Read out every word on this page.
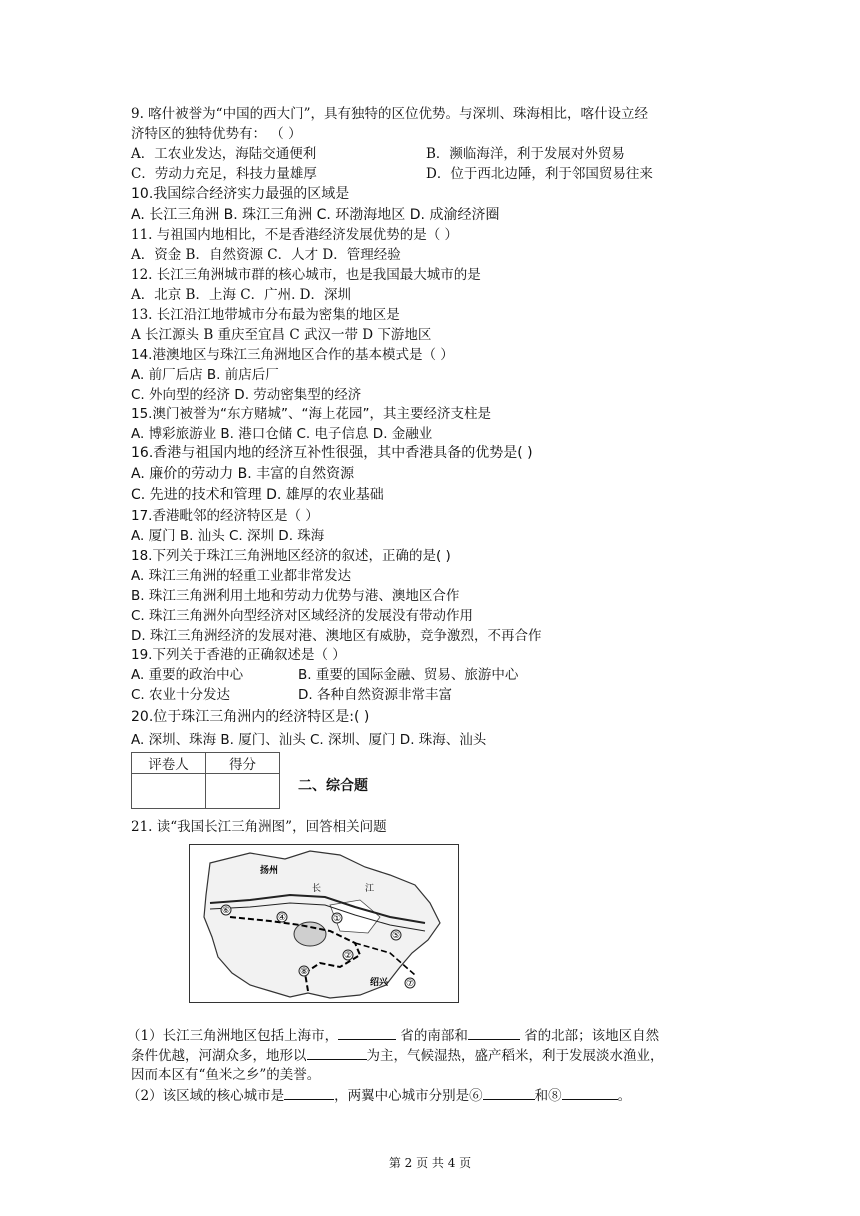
9. 喀什被誉为“中国的西大门”，具有独特的区位优势。与深圳、珠海相比，喀什设立经
济特区的独特优势有： （ ）
A．工农业发达，海陆交通便利	B．濒临海洋，利于发展对外贸易
C．劳动力充足，科技力量雄厚	D．位于西北边陲，利于邻国贸易往来
10.我国综合经济实力最强的区域是
A. 长江三角洲 B. 珠江三角洲 C. 环渤海地区 D. 成渝经济圈
11. 与祖国内地相比，不是香港经济发展优势的是（ ）
A．资金 B．自然资源 C．人才 D．管理经验
12. 长江三角洲城市群的核心城市，也是我国最大城市的是
A．北京 B．上海 C．广州. D．深圳
13. 长江沿江地带城市分布最为密集的地区是
A 长江源头 B 重庆至宜昌 C 武汉一带 D 下游地区
14.港澳地区与珠江三角洲地区合作的基本模式是（ ）
A. 前厂后店 B. 前店后厂
C. 外向型的经济 D. 劳动密集型的经济
15.澳门被誉为“东方赌城”、“海上花园”，其主要经济支柱是
A. 博彩旅游业 B. 港口仓储 C. 电子信息 D. 金融业
16.香港与祖国内地的经济互补性很强，其中香港具备的优势是( )
A. 廉价的劳动力 B. 丰富的自然资源
C. 先进的技术和管理 D. 雄厚的农业基础
17.香港毗邻的经济特区是（ ）
A. 厦门 B. 汕头 C. 深圳 D. 珠海
18.下列关于珠江三角洲地区经济的叙述，正确的是( )
A. 珠江三角洲的轻重工业都非常发达
B. 珠江三角洲利用土地和劳动力优势与港、澳地区合作
C. 珠江三角洲外向型经济对区域经济的发展没有带动作用
D. 珠江三角洲经济的发展对港、澳地区有威胁，竞争激烈，不再合作
19.下列关于香港的正确叙述是（ ）
A. 重要的政治中心	B. 重要的国际金融、贸易、旅游中心
C. 农业十分发达	D. 各种自然资源非常丰富
20.位于珠江三角洲内的经济特区是:( )
A. 深圳、珠海 B. 厦门、汕头 C. 深圳、厦门 D. 珠海、汕头
评卷人	得分

二、综合题
21. 读“我国长江三角洲图”，回答相关问题
⑥
④	①
⑤
②
⑧
⑦
扬州
长	江
绍兴
（1）长江三角洲地区包括上海市，	省的南部和	省的北部；该地区自然
条件优越，河湖众多，地形以	为主，气候湿热，盛产稻米，利于发展淡水渔业，
因而本区有“鱼米之乡”的美誉。
（2）该区域的核心城市是	，两翼中心城市分别是⑥	和⑧	。
第 2 页 共 4 页
